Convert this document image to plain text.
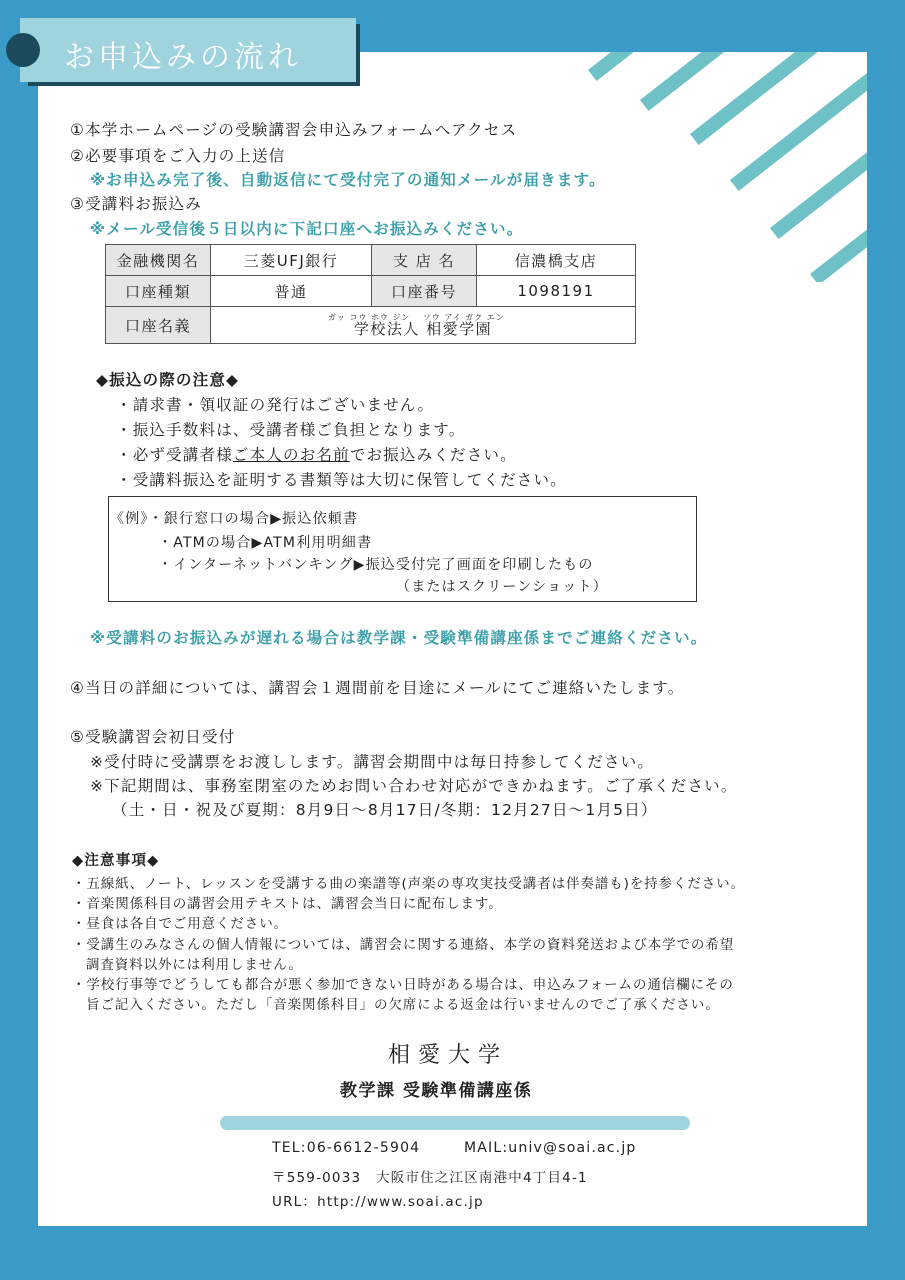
お申込みの流れ
①本学ホームページの受験講習会申込みフォームへアクセス
②必要事項をご入力の上送信
※お申込み完了後、自動返信にて受付完了の通知メールが届きます。
③受講料お振込み
※メール受信後５日以内に下記口座へお振込みください。
金融機関名	三菱UFJ銀行	支 店 名	信濃橋支店
口座種類	普通	口座番号	1098191
口座名義	学校法人 相愛学園		
ガッ コウ ホウ ジン　 ソウ アイ ガク エン
◆振込の際の注意◆
・請求書・領収証の発行はございません。
・振込手数料は、受講者様ご負担となります。
・必ず受講者様ご本人のお名前でお振込みください。
・受講料振込を証明する書類等は大切に保管してください。
《例》・銀行窓口の場合▶振込依頼書
・ATMの場合▶ATM利用明細書
・インターネットバンキング▶振込受付完了画面を印刷したもの
（またはスクリーンショット）
※受講料のお振込みが遅れる場合は教学課・受験準備講座係までご連絡ください。
④当日の詳細については、講習会１週間前を目途にメールにてご連絡いたします。
⑤受験講習会初日受付
※受付時に受講票をお渡しします。講習会期間中は毎日持参してください。
※下記期間は、事務室閉室のためお問い合わせ対応ができかねます。ご了承ください。
（土・日・祝及び夏期：8月9日〜8月17日/冬期：12月27日〜1月5日）
◆注意事項◆
・五線紙、ノート、レッスンを受講する曲の楽譜等(声楽の専攻実技受講者は伴奏譜も)を持参ください。
・音楽関係科目の講習会用テキストは、講習会当日に配布します。
・昼食は各自でご用意ください。
・受講生のみなさんの個人情報については、講習会に関する連絡、本学の資料発送および本学での希望
調査資料以外には利用しません。
・学校行事等でどうしても都合が悪く参加できない日時がある場合は、申込みフォームの通信欄にその
旨ご記入ください。ただし「音楽関係科目」の欠席による返金は行いませんのでご了承ください。
相愛大学
教学課 受験準備講座係
TEL:06-6612-5904	MAIL:univ@soai.ac.jp
〒559-0033　大阪市住之江区南港中4丁目4-1
URL：http://www.soai.ac.jp
